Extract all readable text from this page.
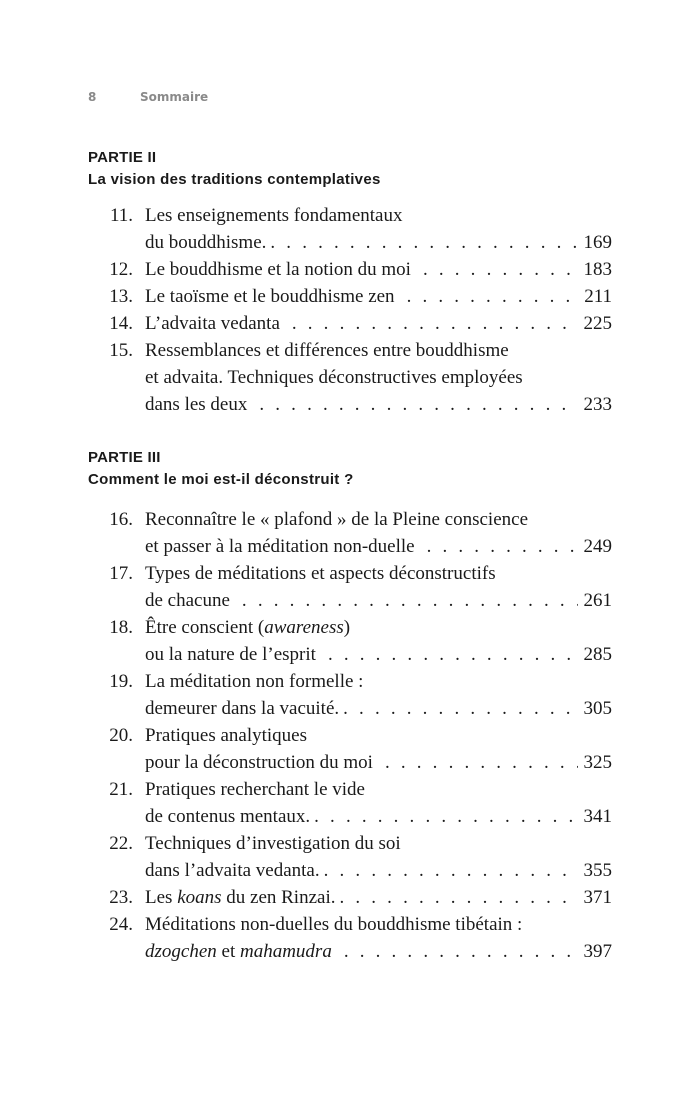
8	Sommaire
PARTIE II
La vision des traditions contemplatives
11. Les enseignements fondamentaux
du bouddhisme. . . .	169
12. Le bouddhisme et la notion du moi . . .	183
13. Le taoïsme et le bouddhisme zen . . .	211
14. L’advaita vedanta . . .	225
15. Ressemblances et différences entre bouddhisme
et advaita. Techniques déconstructives employées
dans les deux . . .	233
PARTIE III
Comment le moi est-il déconstruit ?
16. Reconnaître le « plafond » de la Pleine conscience
et passer à la méditation non-duelle . . .	249
17. Types de méditations et aspects déconstructifs
de chacune . . .	261
18. Être conscient (awareness)
ou la nature de l’esprit . . .	285
19. La méditation non formelle :
demeurer dans la vacuité. . . .	305
20. Pratiques analytiques
pour la déconstruction du moi . . .	325
21. Pratiques recherchant le vide
de contenus mentaux. . . .	341
22. Techniques d’investigation du soi
dans l’advaita vedanta. . . .	355
23. Les koans du zen Rinzai. . . .	371
24. Méditations non-duelles du bouddhisme tibétain :
dzogchen et mahamudra . . .	397
